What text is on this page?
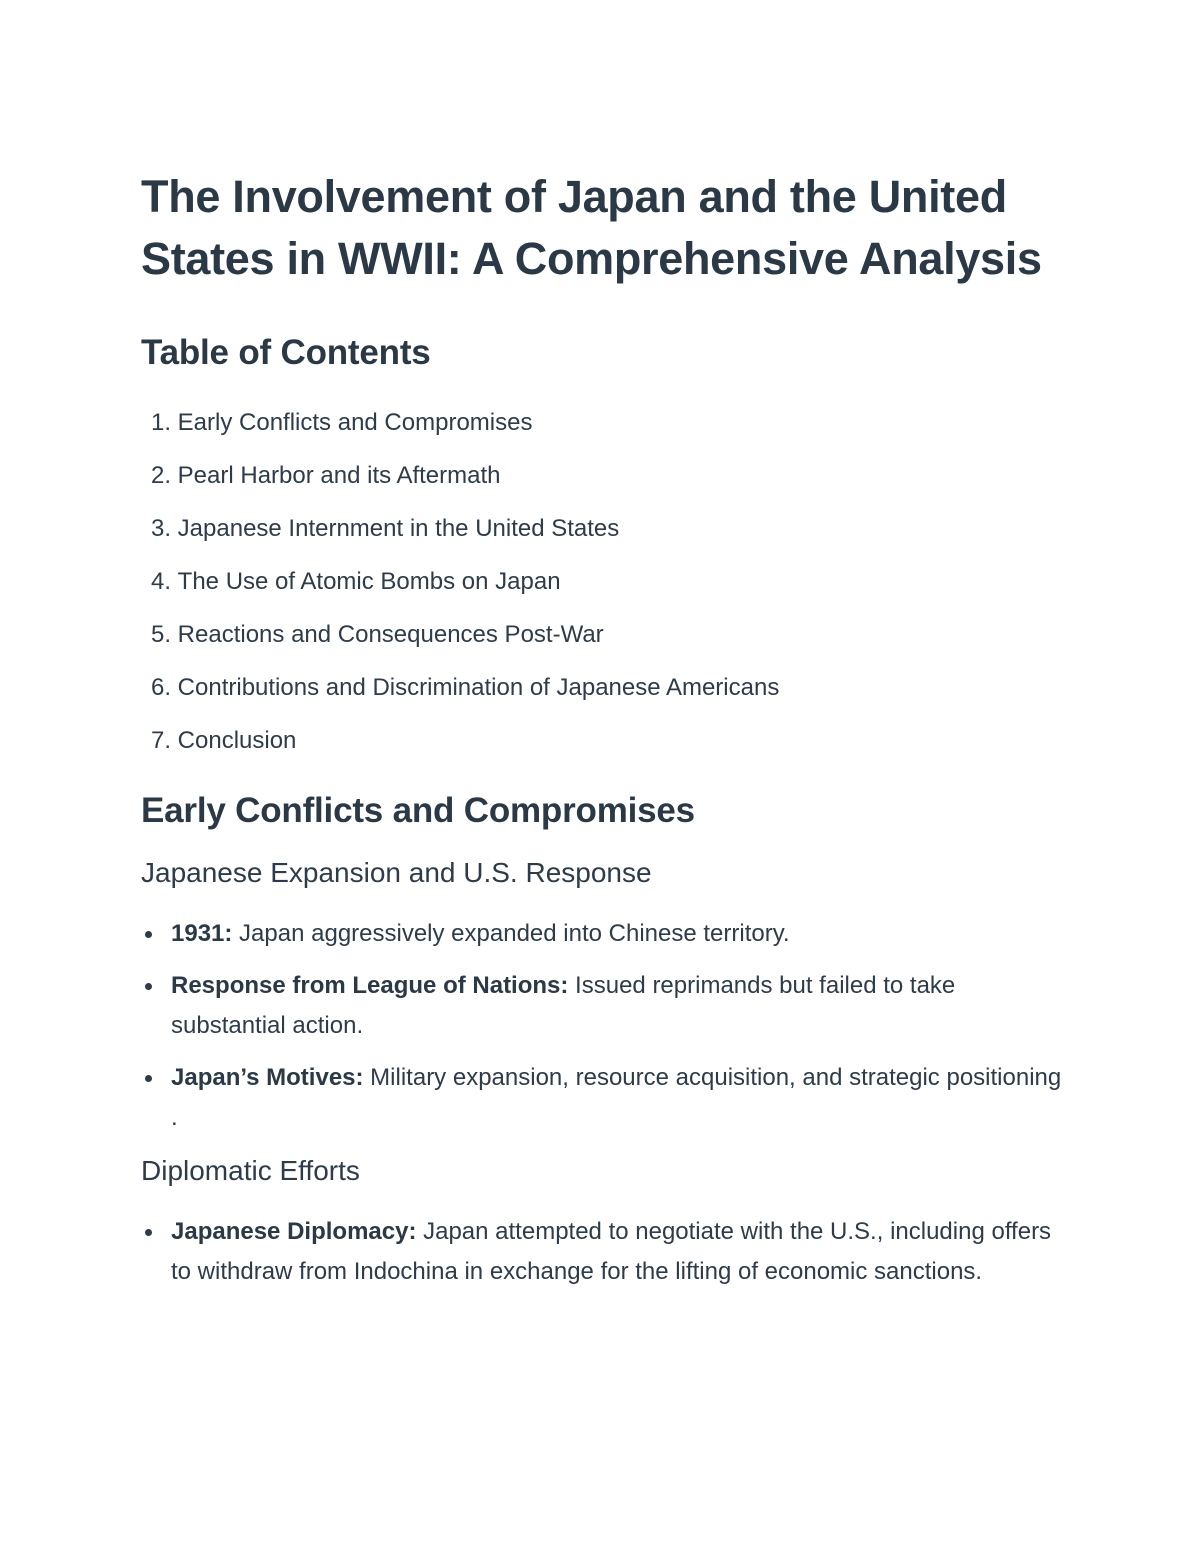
The Involvement of Japan and the United States in WWII: A Comprehensive Analysis
Table of Contents
1. Early Conflicts and Compromises
2. Pearl Harbor and its Aftermath
3. Japanese Internment in the United States
4. The Use of Atomic Bombs on Japan
5. Reactions and Consequences Post-War
6. Contributions and Discrimination of Japanese Americans
7. Conclusion
Early Conflicts and Compromises
Japanese Expansion and U.S. Response
1931: Japan aggressively expanded into Chinese territory.
Response from League of Nations: Issued reprimands but failed to take substantial action.
Japan’s Motives: Military expansion, resource acquisition, and strategic positioning .
Diplomatic Efforts
Japanese Diplomacy: Japan attempted to negotiate with the U.S., including offers to withdraw from Indochina in exchange for the lifting of economic sanctions.
